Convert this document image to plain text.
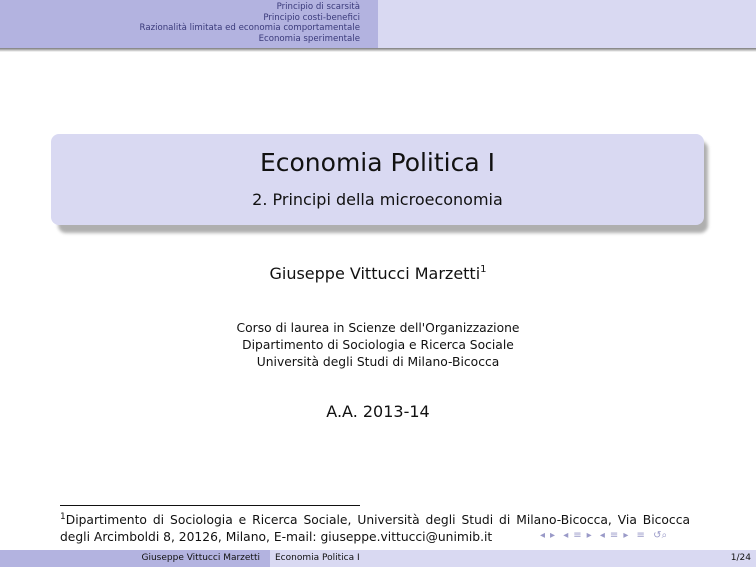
Principio di scarsità
Principio costi-benefici
Razionalità limitata ed economia comportamentale
Economia sperimentale
Economia Politica I
2. Principi della microeconomia
Giuseppe Vittucci Marzetti$^1$
Corso di laurea in Scienze dell'Organizzazione
Dipartimento di Sociologia e Ricerca Sociale
Università degli Studi di Milano-Bicocca
A.A. 2013-14
$^1$Dipartimento di Sociologia e Ricerca Sociale, Università degli Studi di Milano-Bicocca, Via Bicocca degli Arcimboldi 8, 20126, Milano, E-mail: giuseppe.vittucci@unimib.it	◂ ▸ ◂ ≡ ▸ ◂ ≡ ▸ ≡ ↺⌕
Giuseppe Vittucci Marzetti Economia Politica I	1/24
